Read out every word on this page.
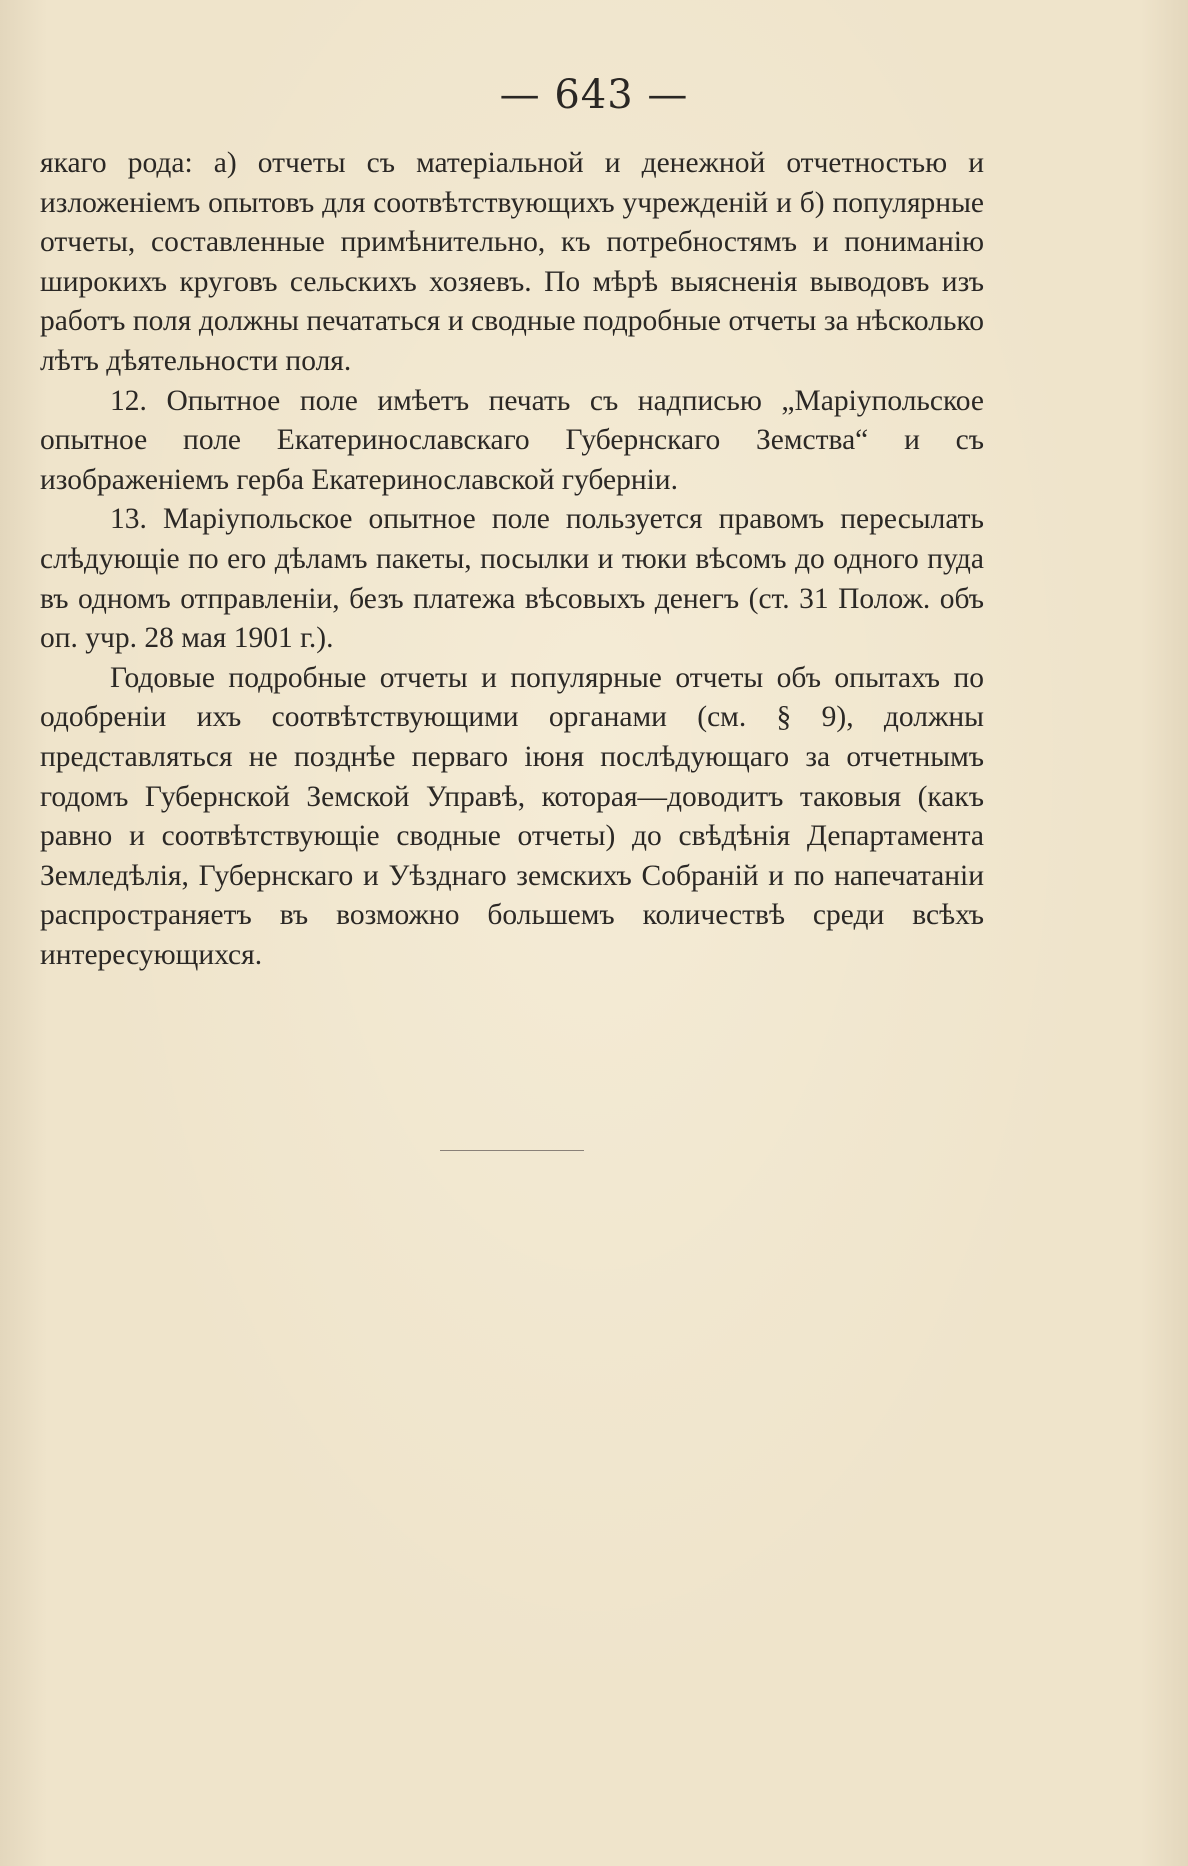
— 643 —

якаго рода: а) отчеты съ матеріальной и денежной отчетностью и изложеніемъ опытовъ для соотвѣтствующихъ учрежденій и б) популярные отчеты, составленные примѣнительно, къ потребностямъ и пониманію широкихъ круговъ сельскихъ хозяевъ. По мѣрѣ выясненія выводовъ изъ работъ поля должны печататься и сводные подробные отчеты за нѣсколько лѣтъ дѣятельности поля.

12. Опытное поле имѣетъ печать съ надписью „Маріупольское опытное поле Екатеринославскаго Губернскаго Земства“ и съ изображеніемъ герба Екатеринославской губерніи.

13. Маріупольское опытное поле пользуется правомъ пересылать слѣдующіе по его дѣламъ пакеты, посылки и тюки вѣсомъ до одного пуда въ одномъ отправленіи, безъ платежа вѣсовыхъ денегъ (ст. 31 Полож. объ оп. учр. 28 мая 1901 г.).

Годовые подробные отчеты и популярные отчеты объ опытахъ по одобреніи ихъ соотвѣтствующими органами (см. § 9), должны представляться не позднѣе перваго іюня послѣдующаго за отчетнымъ годомъ Губернской Земской Управѣ, которая—доводитъ таковыя (какъ равно и соотвѣтствующіе сводные отчеты) до свѣдѣнія Департамента Земледѣлія, Губернскаго и Уѣзднаго земскихъ Собраній и по напечатаніи распространяетъ въ возможно большемъ количествѣ среди всѣхъ интересующихся.
